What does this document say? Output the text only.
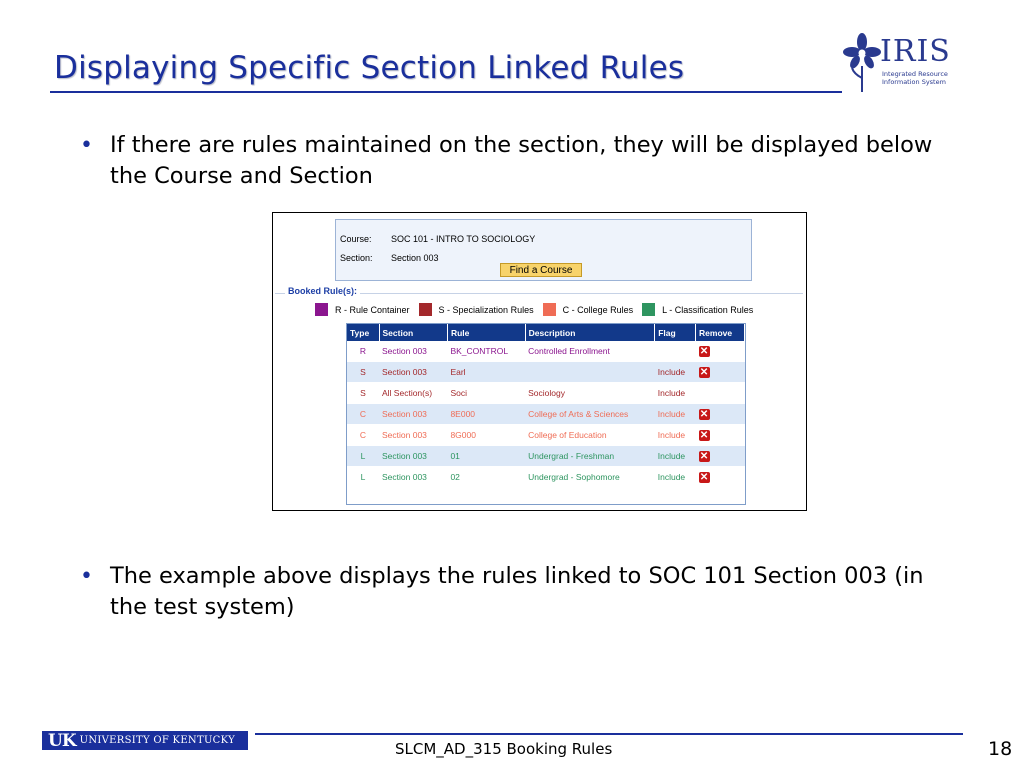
Displaying Specific Section Linked Rules	IRIS
Integrated Resource
Information System
• If there are rules maintained on the section, they will be displayed below the Course and Section
Course: SOC 101 - INTRO TO SOCIOLOGY
Section: Section 003
Find a Course
Booked Rule(s):
R - Rule Container	S - Specialization Rules	C - College Rules	L - Classification Rules
Type	Section	Rule	Description	Flag	Remove
R	Section 003	BK_CONTROL	Controlled Enrollment		✕
S	Section 003	Earl		Include	✕
S	All Section(s)	Soci	Sociology	Include	
C	Section 003	8E000	College of Arts & Sciences	Include	✕
C	Section 003	8G000	College of Education	Include	✕
L	Section 003	01	Undergrad - Freshman	Include	✕
L	Section 003	02	Undergrad - Sophomore	Include	✕
• The example above displays the rules linked to SOC 101 Section 003 (in the test system)
UK UNIVERSITY OF KENTUCKY	SLCM_AD_315 Booking Rules	18
